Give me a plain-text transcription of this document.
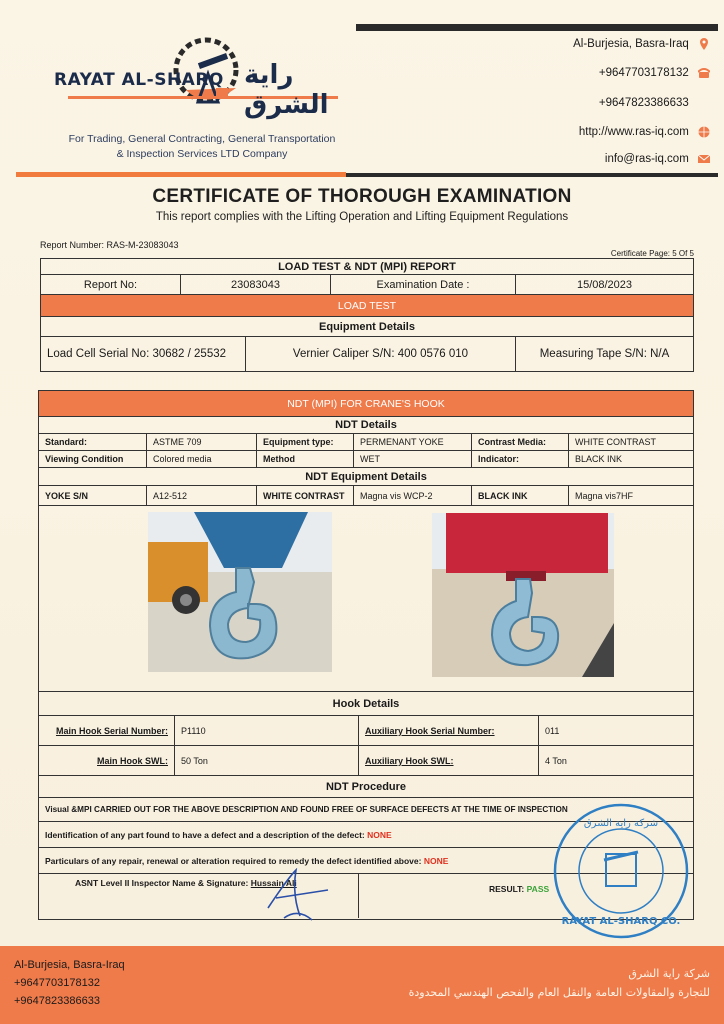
RAYAT AL-SHARQ راية الشرق
For Trading, General Contracting, General Transportation
& Inspection Services LTD Company
Al-Burjesia, Basra-Iraq
+9647703178132
+9647823386633
http://www.ras-iq.com
info@ras-iq.com
CERTIFICATE OF THOROUGH EXAMINATION
This report complies with the Lifting Operation and Lifting Equipment Regulations
Report Number: RAS-M-23083043
Certificate Page: 5 Of 5
LOAD TEST & NDT (MPI) REPORT
Report No:	23083043	Examination Date :	15/08/2023
LOAD TEST
Equipment Details
Load Cell Serial No: 30682 / 25532	Vernier Caliper S/N: 400 0576 010	Measuring Tape S/N: N/A
NDT (MPI) FOR CRANE'S HOOK
NDT Details
Standard:	ASTME 709	Equipment type:	PERMENANT YOKE	Contrast Media:	WHITE CONTRAST
Viewing Condition	Colored media	Method	WET	Indicator:	BLACK INK
NDT Equipment Details
YOKE S/N	A12-512	WHITE CONTRAST	Magna vis WCP-2	BLACK INK	Magna vis7HF
Hook Details
Main Hook Serial Number:	P1110	Auxiliary Hook Serial Number:	011
Main Hook SWL:	50 Ton	Auxiliary Hook SWL:	4 Ton
NDT Procedure
Visual &MPI CARRIED OUT FOR THE ABOVE DESCRIPTION AND FOUND FREE OF SURFACE DEFECTS AT THE TIME OF INSPECTION
Identification of any part found to have a defect and a description of the defect:
NONE
Particulars of any repair, renewal or alteration required to remedy the defect identified above:
NONE
ASNT Level II Inspector Name & Signature:
Hussain Ali
RESULT:
PASS
شركة راية الشرق
RAYAT AL-SHARQ CO.
Al-Burjesia, Basra-Iraq
+9647703178132
+9647823386633
شركة راية الشرق
للتجارة والمقاولات العامة والنقل العام والفحص الهندسي المحدودة
